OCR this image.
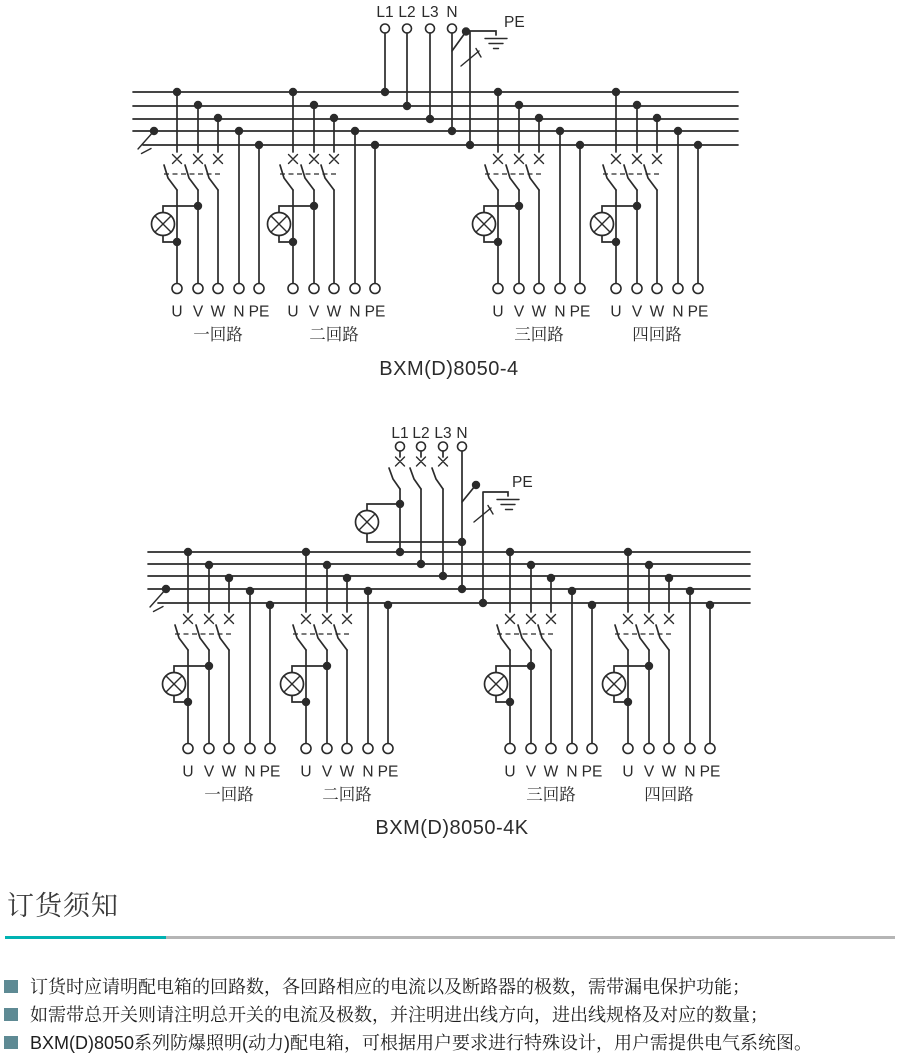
L1 L2 L3 N
PE
U V W N PE U V W N PE	U V W N PE U V W N PE
一回路	二回路	三回路	四回路
BXM(D)8050-4
L1 L2 L3 N
PE
U V W N PE U V W N PE	U V W N PE U V W N PE
一回路	二回路	三回路	四回路
BXM(D)8050-4K
订货须知
订货时应请明配电箱的回路数，各回路相应的电流以及断路器的极数，需带漏电保护功能；
如需带总开关则请注明总开关的电流及极数，并注明进出线方向，进出线规格及对应的数量；
BXM(D)8050系列防爆照明(动力)配电箱，可根据用户要求进行特殊设计，用户需提供电气系统图。
